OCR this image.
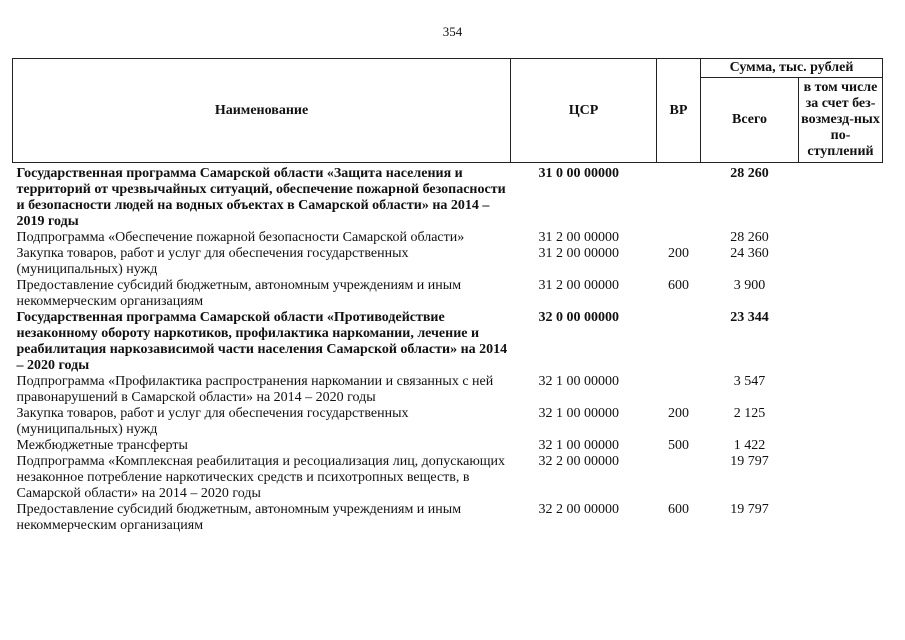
354
Наименование	ЦСР	ВР	Сумма, тыс. рублей	
			Всего	в том числе за счет без-возмезд-ных по-ступлений
Государственная программа Самарской области «Защита населения и территорий от чрезвычайных ситуаций, обеспечение пожарной безопасности и безопасности людей на водных объектах в Самарской области» на 2014 – 2019 годы	31 0 00 00000		28 260	
Подпрограмма «Обеспечение пожарной безопасности Самарской области»	31 2 00 00000		28 260	
Закупка товаров, работ и услуг для обеспечения государственных (муниципальных) нужд	31 2 00 00000	200	24 360	
Предоставление субсидий бюджетным, автономным учреждениям и иным некоммерческим организациям	31 2 00 00000	600	3 900	
Государственная программа Самарской области «Противодействие незаконному обороту наркотиков, профилактика наркомании, лечение и реабилитация наркозависимой части населения Самарской области» на 2014 – 2020 годы	32 0 00 00000		23 344	
Подпрограмма «Профилактика распространения наркомании и связанных с ней правонарушений в Самарской области» на 2014 – 2020 годы	32 1 00 00000		3 547	
Закупка товаров, работ и услуг для обеспечения государственных (муниципальных) нужд	32 1 00 00000	200	2 125	
Межбюджетные трансферты	32 1 00 00000	500	1 422	
Подпрограмма «Комплексная реабилитация и ресоциализация лиц, допускающих незаконное потребление наркотических средств и психотропных веществ, в Самарской области» на 2014 – 2020 годы	32 2 00 00000		19 797	
Предоставление субсидий бюджетным, автономным учреждениям и иным некоммерческим организациям	32 2 00 00000	600	19 797	
